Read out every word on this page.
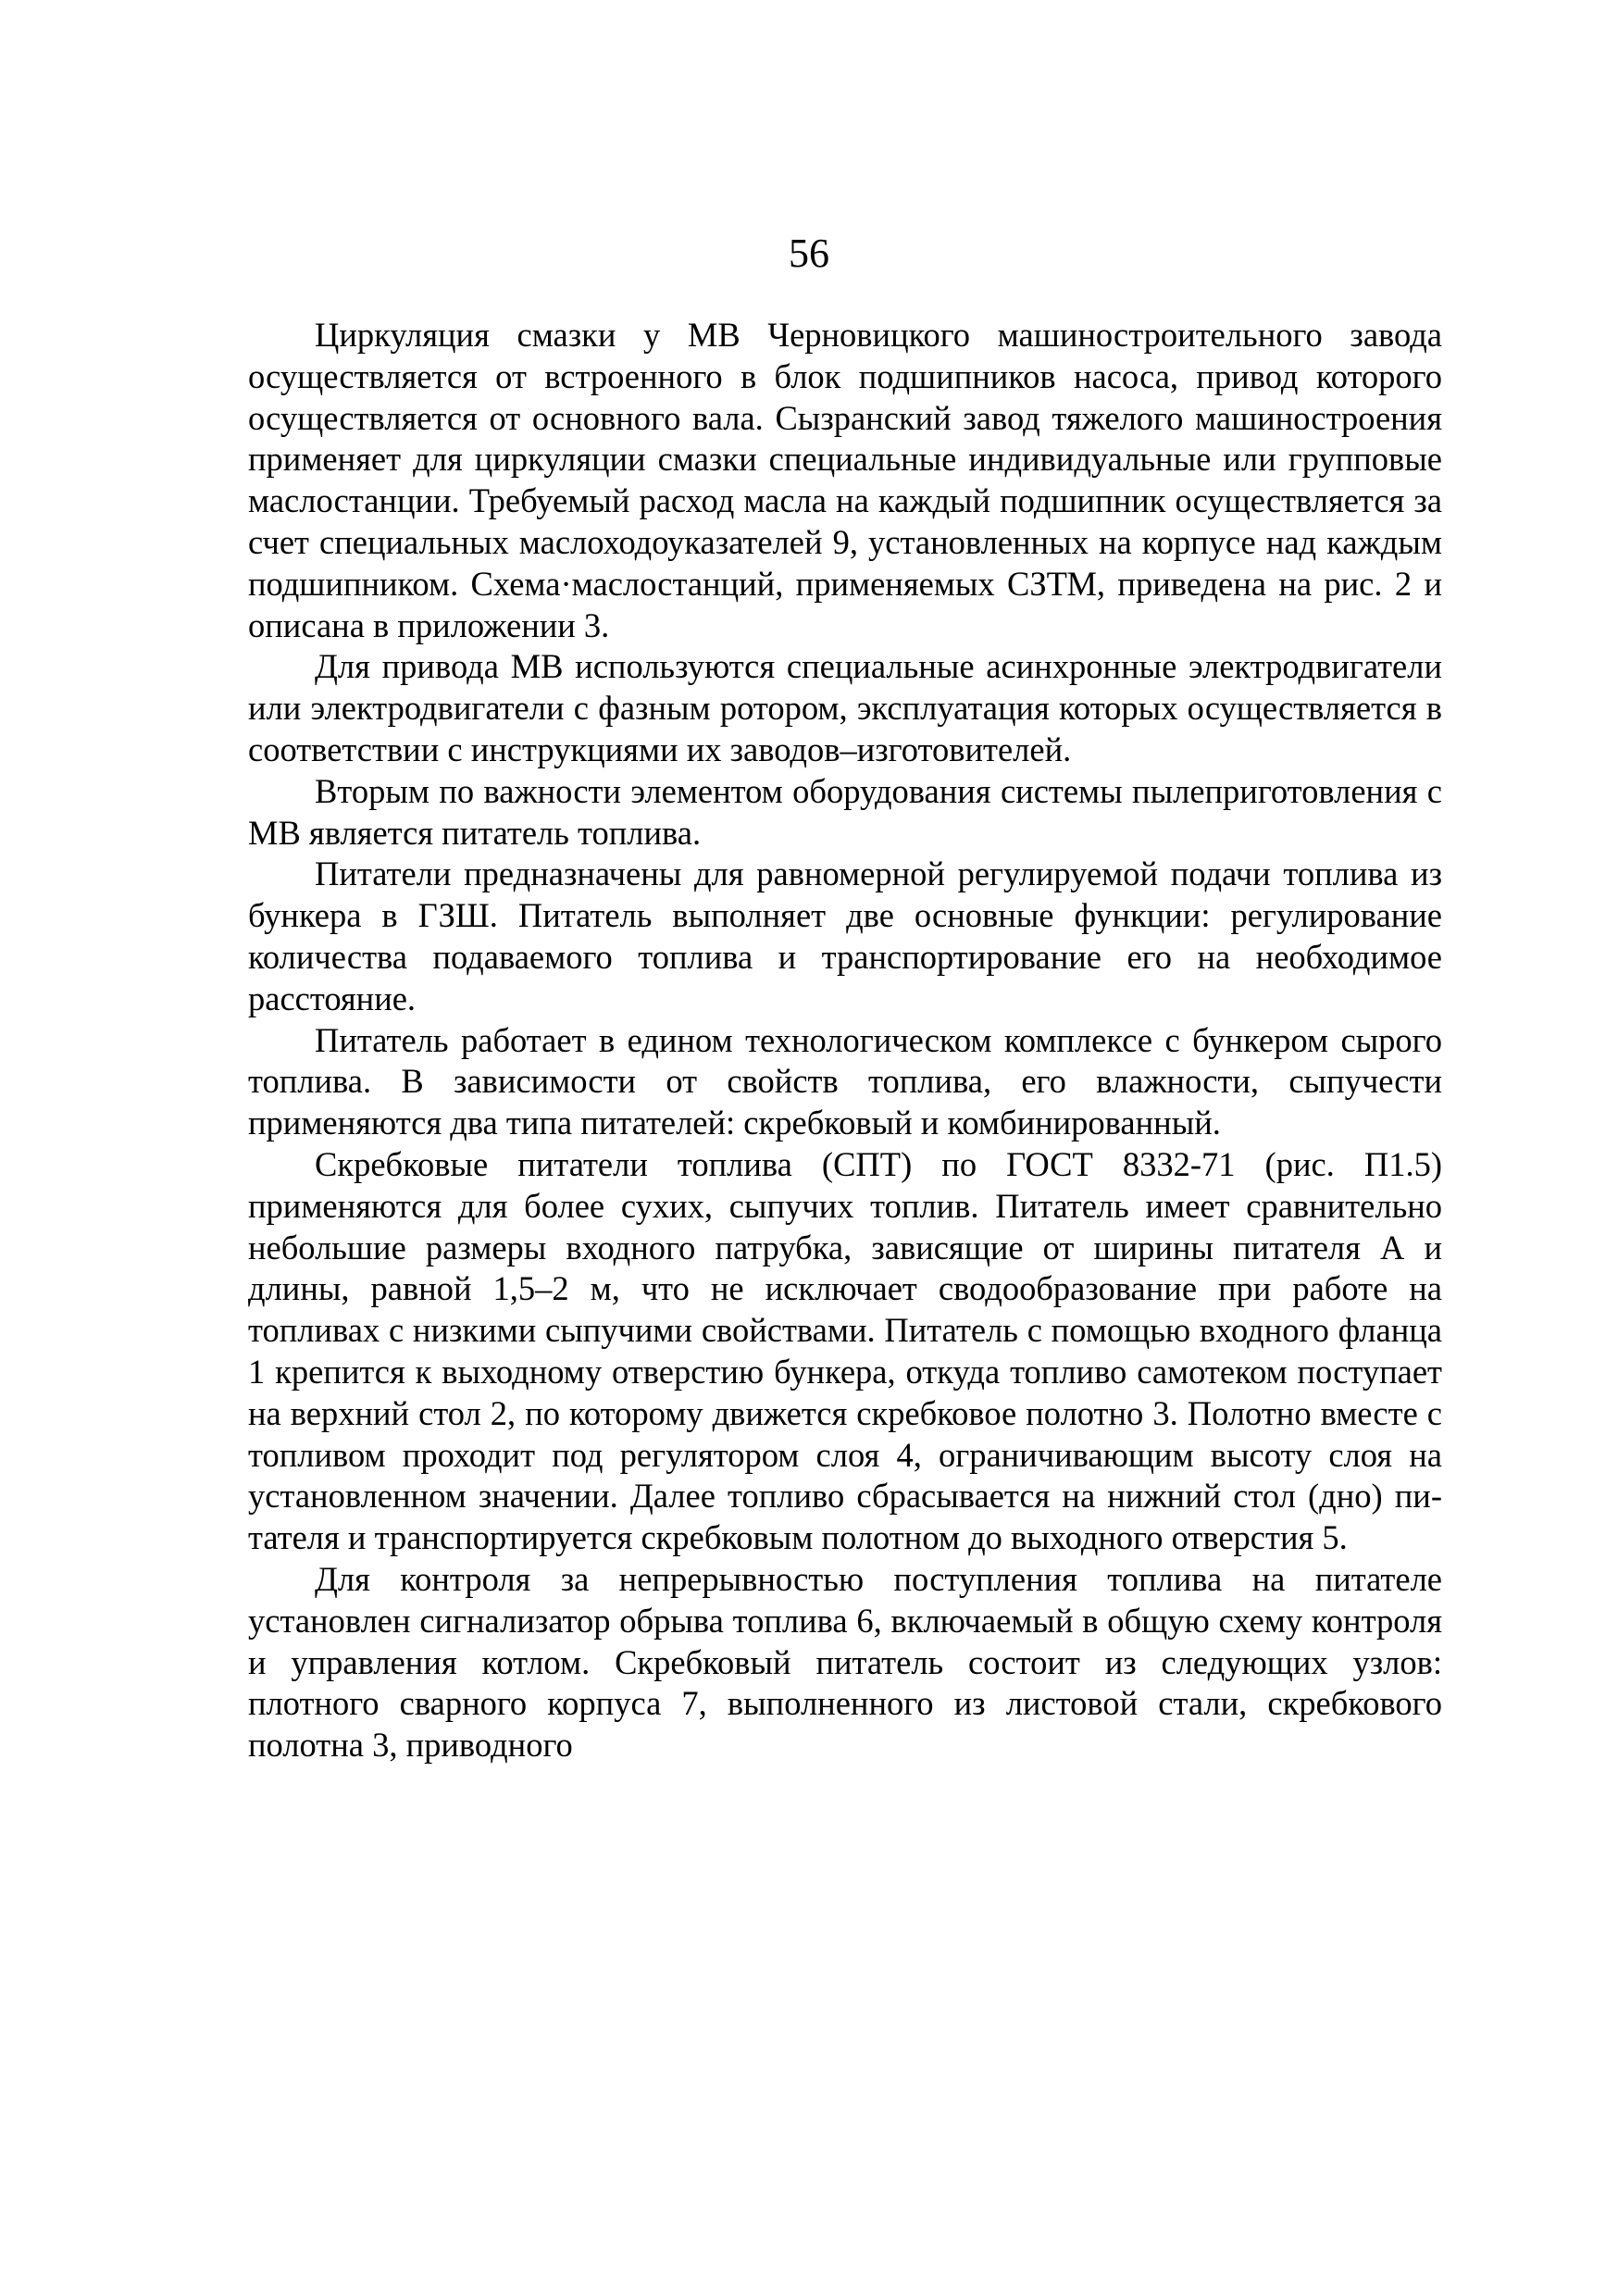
56

Циркуляция смазки у МВ Черновицкого машиностроительного завода осуществляется от встроенного в блок подшипников насоса, привод которого осуществляется от основного вала. Сызранский завод тяжелого машиностроения применяет для циркуляции смазки специальные индивидуальные или групповые маслостанции. Требуемый расход масла на каждый подшипник осуществляется за счет специальных маслоходоуказателей 9, установленных на корпусе над каждым подшипником. Схема·маслостанций, применяемых СЗТМ, приведена на рис. 2 и описана в приложении 3.

Для привода МВ используются специальные асинхронные электродвигатели или электродвигатели с фазным ротором, эксплуатация которых осуществляется в соответствии с инструкциями их заводов–изготовителей.

Вторым по важности элементом оборудования системы пылеприготовления с МВ является питатель топлива.

Питатели предназначены для равномерной регулируемой подачи топлива из бункера в ГЗШ. Питатель выполняет две основные функции: регулирование количества подаваемого топлива и транспортирование его на необходимое расстояние.

Питатель работает в едином технологическом комплексе с бункером сырого топлива. В зависимости от свойств топлива, его влажности, сыпучести применяются два типа питателей: скребковый и комбинированный.

Скребковые питатели топлива (СПТ) по ГОСТ 8332-71 (рис. П1.5) применяются для более сухих, сыпучих топлив. Питатель имеет сравнительно небольшие размеры входного патрубка, зависящие от ширины питателя А и длины, равной 1,5–2 м, что не исключает сводообразование при работе на топливах с низкими сыпучими свойствами. Питатель с помощью входного фланца 1 крепится к выходному отверстию бункера, откуда топливо самотеком поступает на верхний стол 2, по которому движется скребковое полотно 3. Полотно вместе с топливом проходит под регулятором слоя 4, ограничивающим высоту слоя на установленном значении. Далее топливо сбрасывается на нижний стол (дно) питателя и транспортируется скребковым полотном до выходного отверстия 5.

Для контроля за непрерывностью поступления топлива на питателе установлен сигнализатор обрыва топлива 6, включаемый в общую схему контроля и управления котлом. Скребковый питатель состоит из следующих узлов: плотного сварного корпуса 7, выполненного из листовой стали, скребкового полотна 3, приводного
